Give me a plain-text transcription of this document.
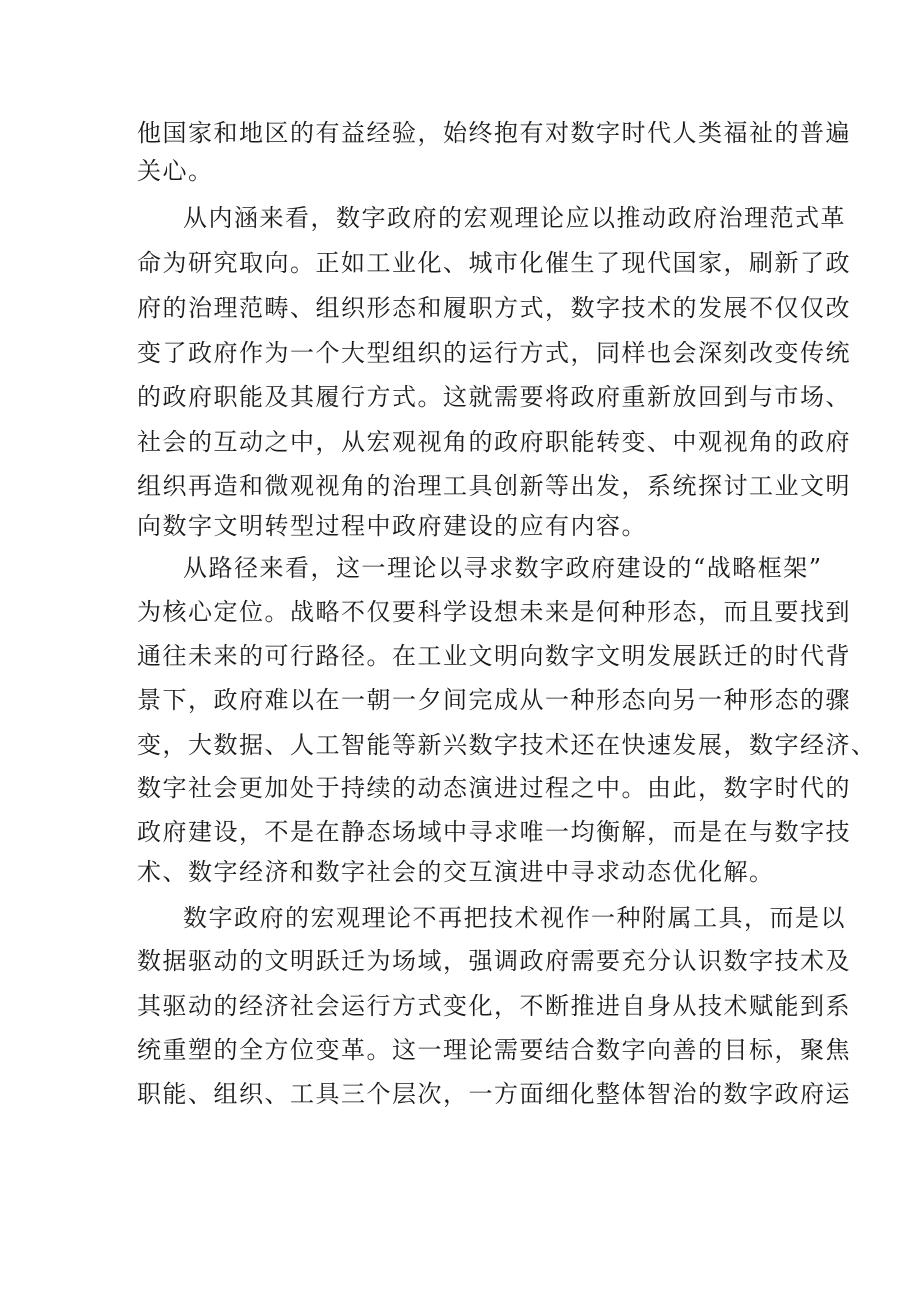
他国家和地区的有益经验，始终抱有对数字时代人类福祉的普遍
关心。
从内涵来看，数字政府的宏观理论应以推动政府治理范式革
命为研究取向。正如工业化、城市化催生了现代国家，刷新了政
府的治理范畴、组织形态和履职方式，数字技术的发展不仅仅改
变了政府作为一个大型组织的运行方式，同样也会深刻改变传统
的政府职能及其履行方式。这就需要将政府重新放回到与市场、
社会的互动之中，从宏观视角的政府职能转变、中观视角的政府
组织再造和微观视角的治理工具创新等出发，系统探讨工业文明
向数字文明转型过程中政府建设的应有内容。
从路径来看，这一理论以寻求数字政府建设的“战略框架”
为核心定位。战略不仅要科学设想未来是何种形态，而且要找到
通往未来的可行路径。在工业文明向数字文明发展跃迁的时代背
景下，政府难以在一朝一夕间完成从一种形态向另一种形态的骤
变，大数据、人工智能等新兴数字技术还在快速发展，数字经济、
数字社会更加处于持续的动态演进过程之中。由此，数字时代的
政府建设，不是在静态场域中寻求唯一均衡解，而是在与数字技
术、数字经济和数字社会的交互演进中寻求动态优化解。
数字政府的宏观理论不再把技术视作一种附属工具，而是以
数据驱动的文明跃迁为场域，强调政府需要充分认识数字技术及
其驱动的经济社会运行方式变化，不断推进自身从技术赋能到系
统重塑的全方位变革。这一理论需要结合数字向善的目标，聚焦
职能、组织、工具三个层次，一方面细化整体智治的数字政府运
